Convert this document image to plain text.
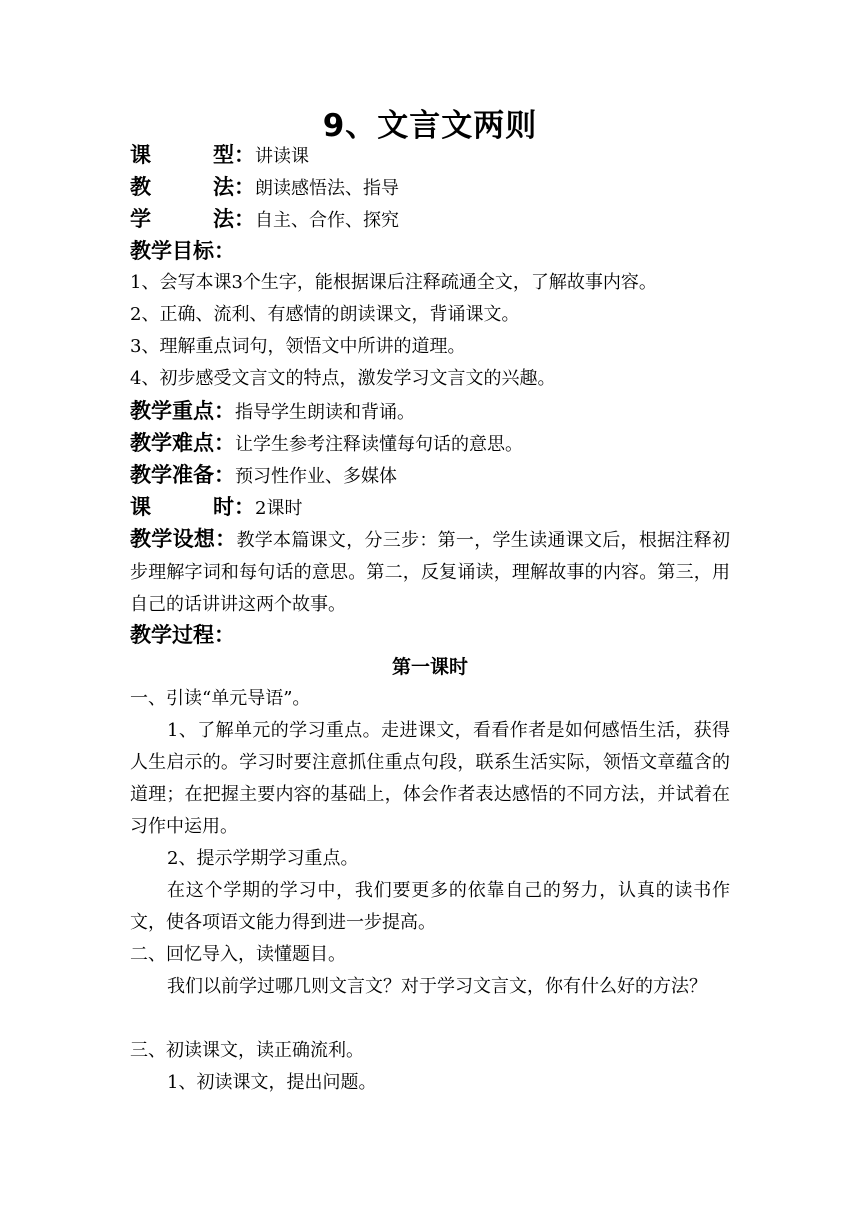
9、文言文两则
课	型 ：讲读课
教	法 ：朗读感悟法、指导
学	法 ：自主、合作、探究
教学目标：
1、会写本课3个生字，能根据课后注释疏通全文，了解故事内容。
2、正确、流利、有感情的朗读课文，背诵课文。
3、理解重点词句，领悟文中所讲的道理。
4、初步感受文言文的特点，激发学习文言文的兴趣。
教学重点：指导学生朗读和背诵。
教学难点：让学生参考注释读懂每句话的意思。
教学准备：预习性作业、多媒体
课	时 ：2课时
教学设想：教学本篇课文，分三步：第一，学生读通课文后，根据注释初步理解字词和每句话的意思。第二，反复诵读，理解故事的内容。第三，用自己的话讲讲这两个故事。
教学过程：
第一课时
一、引读“单元导语”。
1、了解单元的学习重点。走进课文，看看作者是如何感悟生活，获得人生启示的。学习时要注意抓住重点句段，联系生活实际，领悟文章蕴含的道理；在把握主要内容的基础上，体会作者表达感悟的不同方法，并试着在习作中运用。
2、提示学期学习重点。
在这个学期的学习中，我们要更多的依靠自己的努力，认真的读书作文，使各项语文能力得到进一步提高。
二、回忆导入，读懂题目。
我们以前学过哪几则文言文？对于学习文言文，你有什么好的方法？
三、初读课文，读正确流利。
1、初读课文，提出问题。
